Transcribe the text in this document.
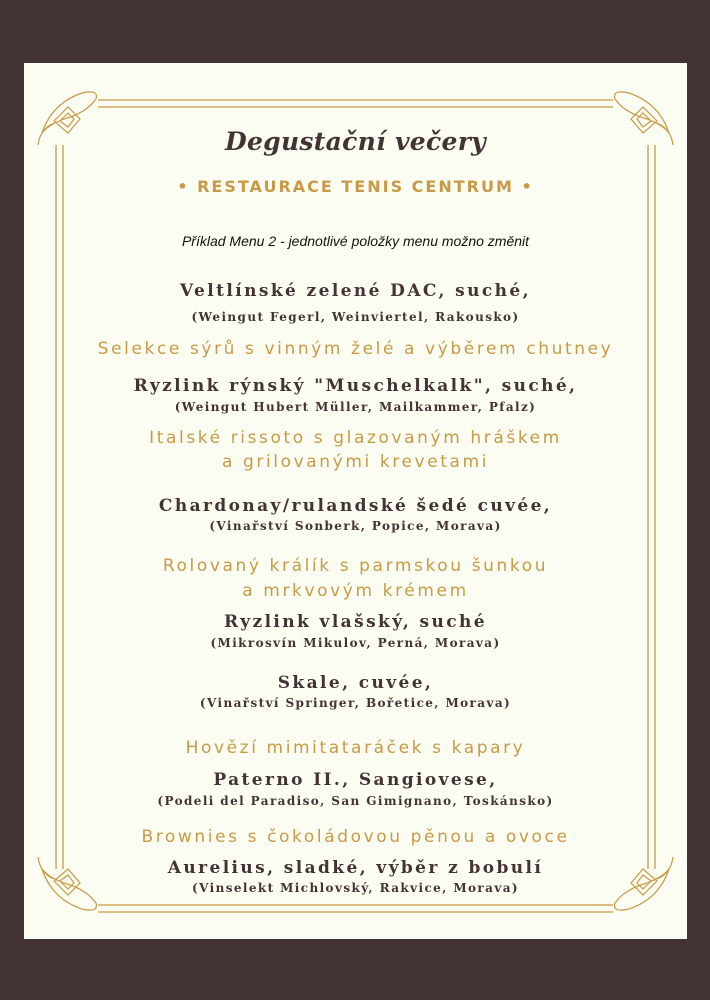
Degustační večery
• RESTAURACE TENIS CENTRUM •
Příklad Menu 2 - jednotlivé položky menu možno změnit
Veltlínské zelené DAC, suché,
(Weingut Fegerl, Weinviertel, Rakousko)
Selekce sýrů s vinným želé a výběrem chutney
Ryzlink rýnský "Muschelkalk", suché,
(Weingut Hubert Müller, Mailkammer, Pfalz)
Italské rissoto s glazovaným hráškem
a grilovanými krevetami
Chardonay/rulandské šedé cuvée,
(Vinařství Sonberk, Popice, Morava)
Rolovaný králík s parmskou šunkou
a mrkvovým krémem
Ryzlink vlašský, suché
(Mikrosvín Mikulov, Perná, Morava)
Skale, cuvée,
(Vinařství Springer, Bořetice, Morava)
Hovězí mimitataráček s kapary
Paterno II., Sangiovese,
(Podeli del Paradiso, San Gimignano, Toskánsko)
Brownies s čokoládovou pěnou a ovoce
Aurelius, sladké, výběr z bobulí
(Vinselekt Michlovský, Rakvice, Morava)
